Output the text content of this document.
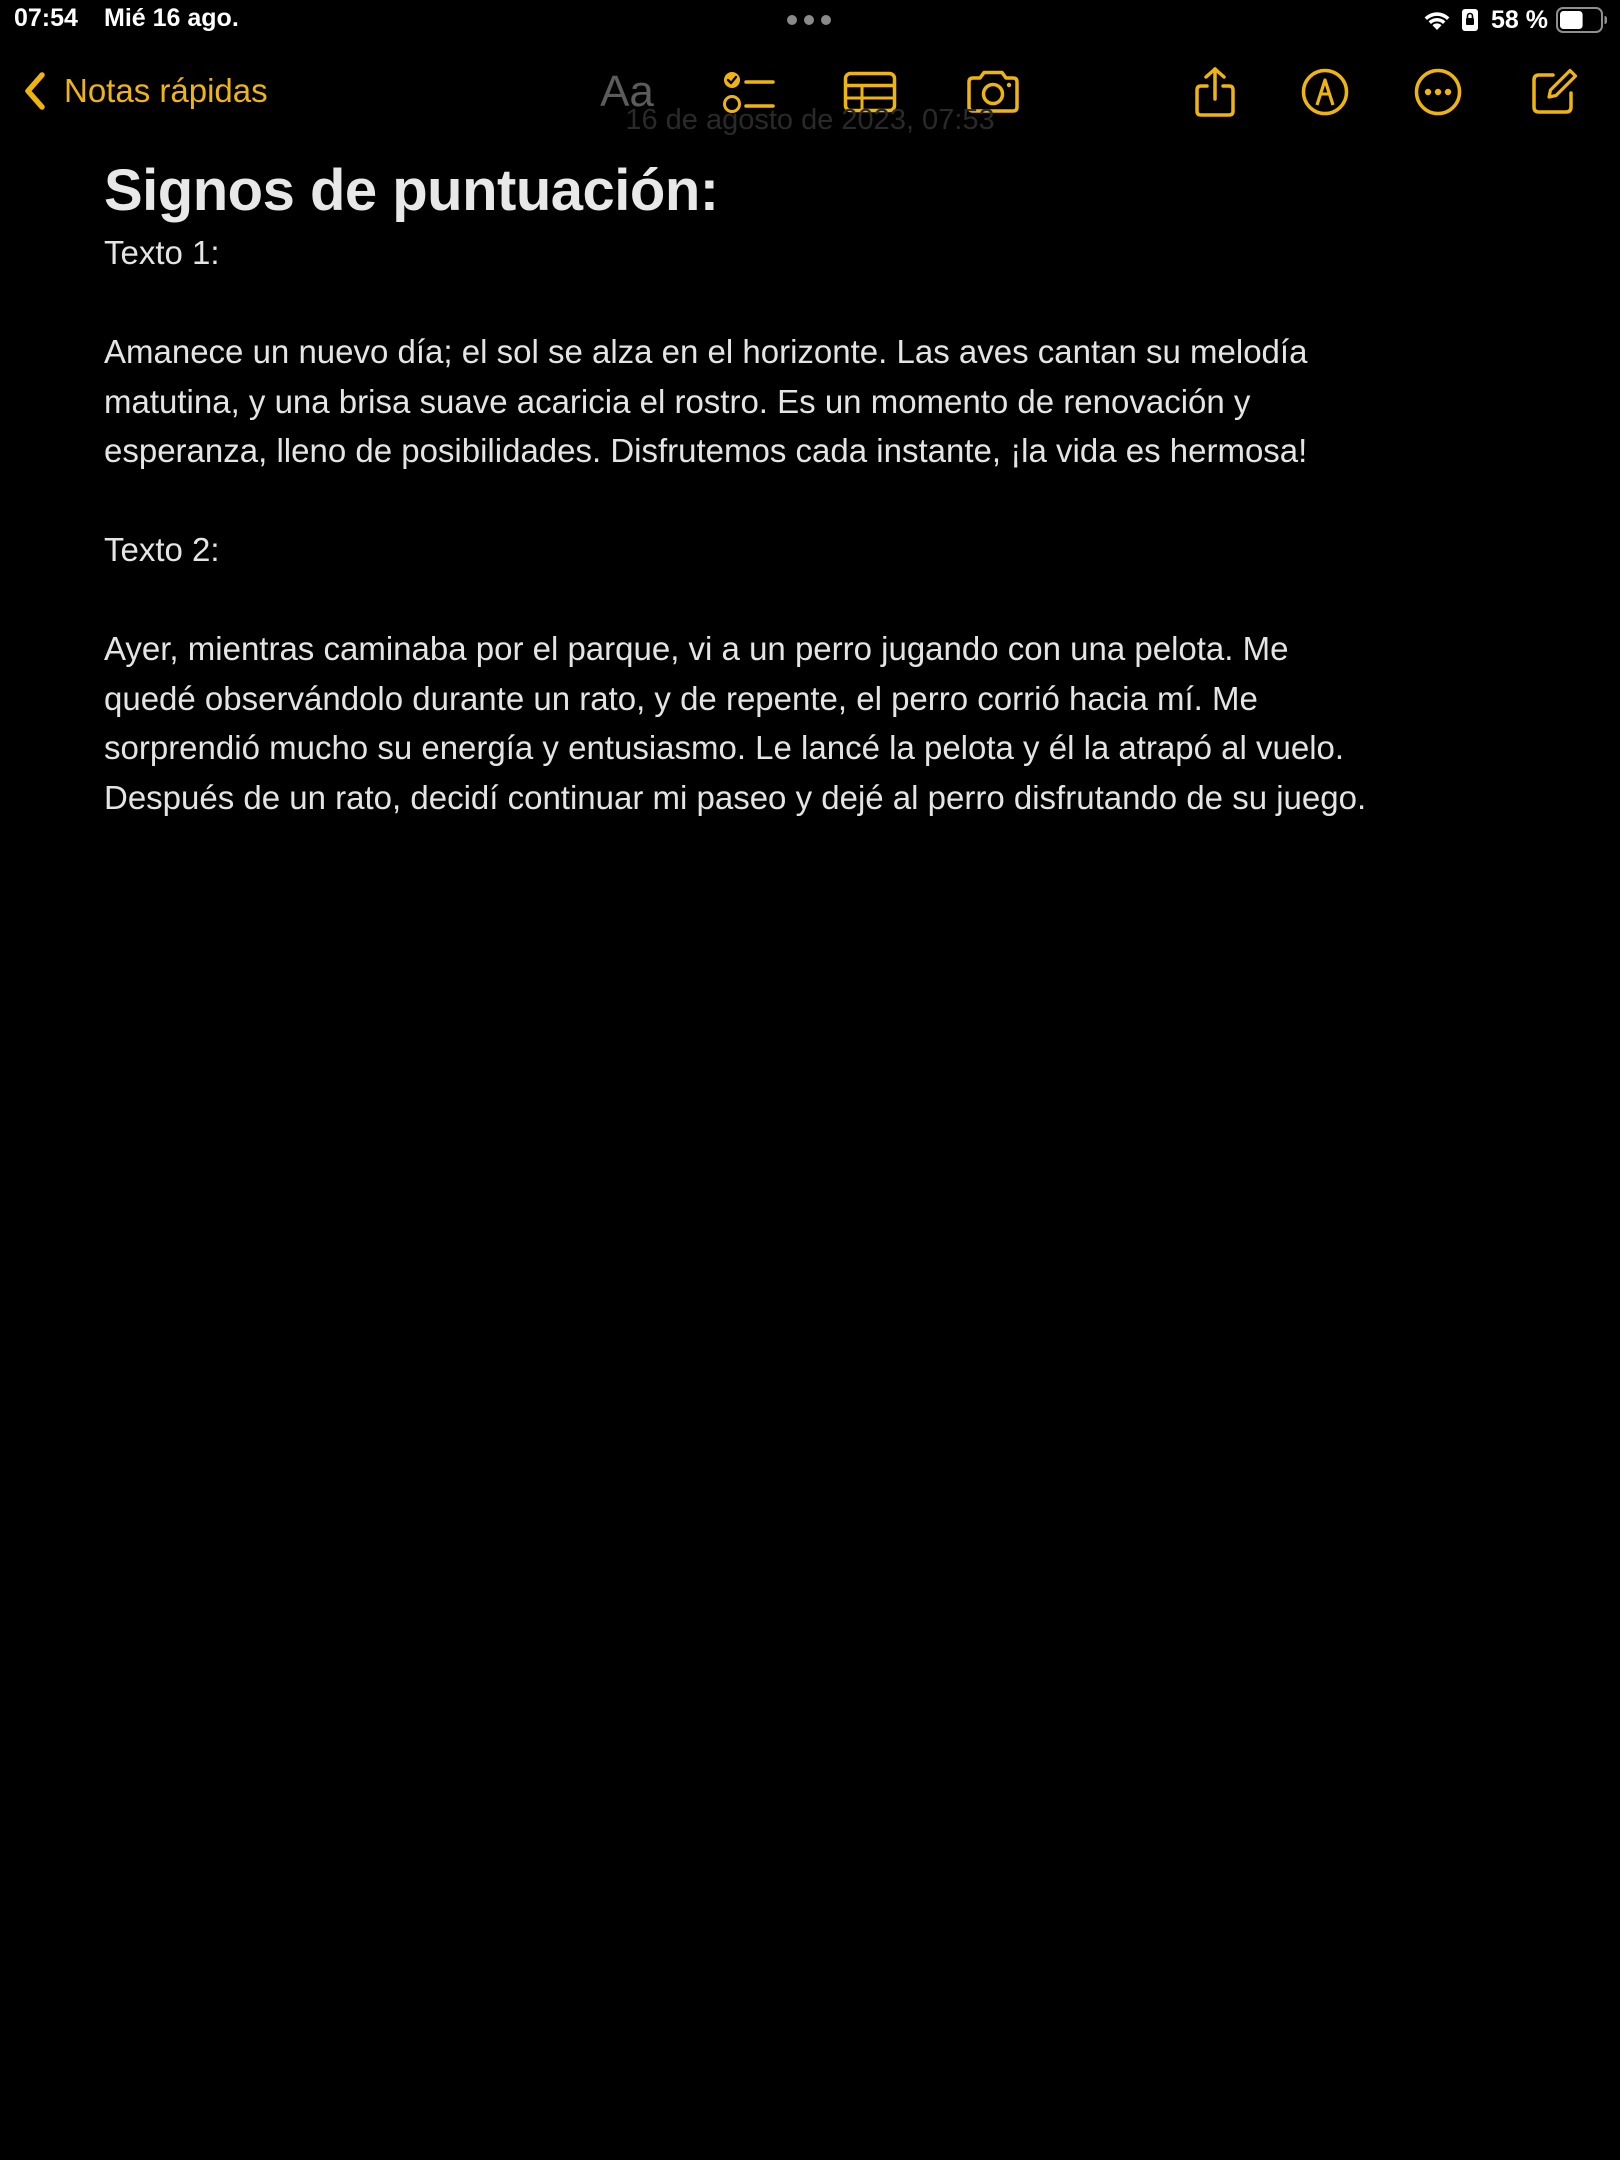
07:54 Mié 16 ago.	58 %
Notas rápidas	Aa
16 de agosto de 2023, 07:53
Signos de puntuación:

Texto 1:

Amanece un nuevo día; el sol se alza en el horizonte. Las aves cantan su melodía

matutina, y una brisa suave acaricia el rostro. Es un momento de renovación y

esperanza, lleno de posibilidades. Disfrutemos cada instante, ¡la vida es hermosa!

Texto 2:

Ayer, mientras caminaba por el parque, vi a un perro jugando con una pelota. Me

quedé observándolo durante un rato, y de repente, el perro corrió hacia mí. Me

sorprendió mucho su energía y entusiasmo. Le lancé la pelota y él la atrapó al vuelo.

Después de un rato, decidí continuar mi paseo y dejé al perro disfrutando de su juego.
